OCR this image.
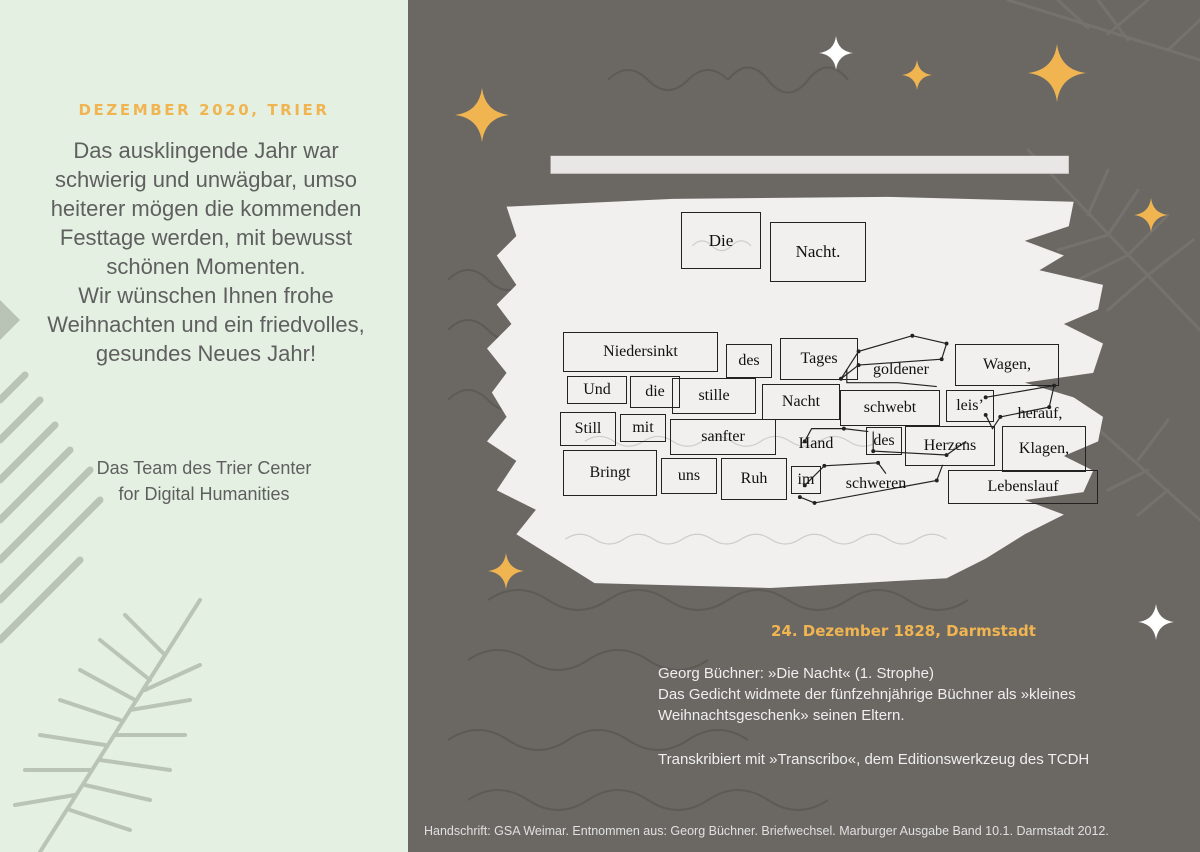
DEZEMBER 2020, TRIER
Das ausklingende Jahr war
schwierig und unwägbar, umso
heiterer mögen die kommenden
Festtage werden, mit bewusst
schönen Momenten.
Wir wünschen Ihnen frohe
Weihnachten und ein friedvolles,
gesundes Neues Jahr!
Das Team des Trier Center
for Digital Humanities
Die
Nacht.
Niedersinkt
des	Tages
goldener	Wagen,
Und	die	stille	Nacht	schwebt	leis’	herauf,
Still	mit
sanfter	Hand	des	Herzens	Klagen,
Bringt	uns	Ruh	im	schweren	Lebenslauf
24. Dezember 1828, Darmstadt
Georg Büchner: »Die Nacht« (1. Strophe)
Das Gedicht widmete der fünfzehnjährige Büchner als »kleines
Weihnachtsgeschenk» seinen Eltern.
Transkribiert mit »Transcribo«, dem Editionswerkzeug des TCDH
Handschrift: GSA Weimar. Entnommen aus: Georg Büchner. Briefwechsel. Marburger Ausgabe Band 10.1. Darmstadt 2012.
